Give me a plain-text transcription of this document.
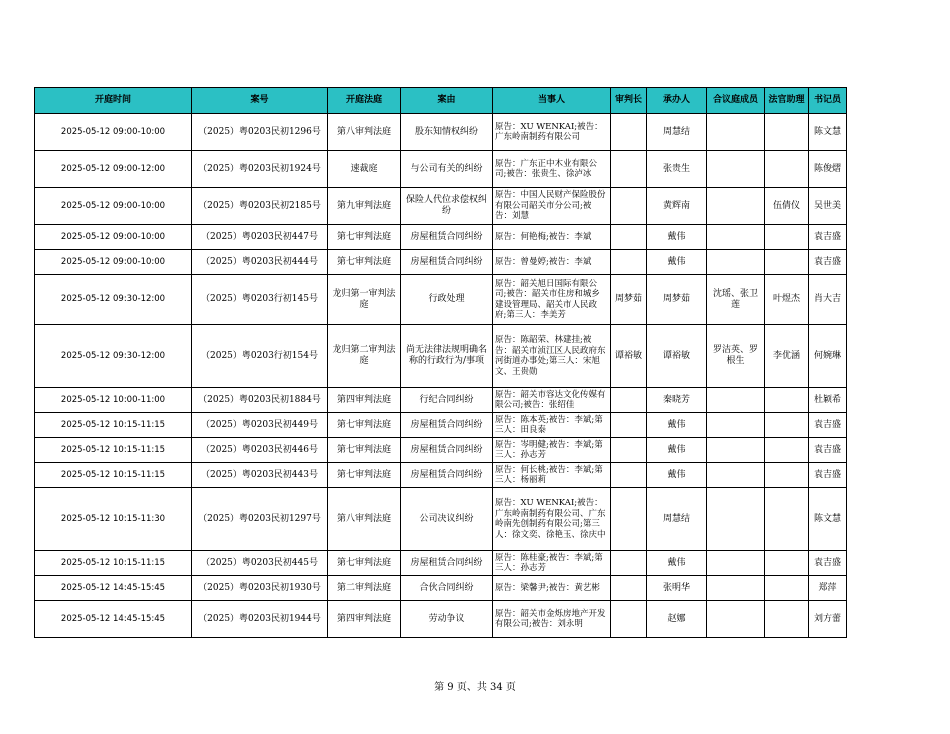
开庭时间	案号	开庭法庭	案由	当事人	审判长	承办人	合议庭成员	法官助理	书记员
2025-05-12 09:00-10:00	（2025）粤0203民初1296号	第八审判法庭	股东知情权纠纷	原告：XU WENKAI;被告：广东岭南制药有限公司		周慧结			陈文慧
2025-05-12 09:00-12:00	（2025）粤0203民初1924号	速裁庭	与公司有关的纠纷	原告：广东正中木业有限公司;被告：张贵生、徐泸冰		张贵生			陈俊熠
2025-05-12 09:00-10:00	（2025）粤0203民初2185号	第九审判法庭	保险人代位求偿权纠纷	原告：中国人民财产保险股份有限公司韶关市分公司;被告：刘慧		黄辉南		伍倩仪	吴世美
2025-05-12 09:00-10:00	（2025）粤0203民初447号	第七审判法庭	房屋租赁合同纠纷	原告：何艳梅;被告：李斌		戴伟			袁吉盛
2025-05-12 09:00-10:00	（2025）粤0203民初444号	第七审判法庭	房屋租赁合同纠纷	原告：曾曼婷;被告：李斌		戴伟			袁吉盛
2025-05-12 09:30-12:00	（2025）粤0203行初145号	龙归第一审判法庭	行政处理	原告：韶关旭日国际有限公司;被告：韶关市住房和城乡建设管理局、韶关市人民政府;第三人：李美芳	周梦茹	周梦茹	沈瑶、张卫莲	叶煜杰	肖大吉
2025-05-12 09:30-12:00	（2025）粤0203行初154号	龙归第二审判法庭	尚无法律法规明确名称的行政行为/事项	原告：陈韶荣、林建挂;被告：韶关市浈江区人民政府东河街道办事处;第三人：宋旭文、王贵勋	谭裕敏	谭裕敏	罗洁英、罗根生	李优涵	何婉琳
2025-05-12 10:00-11:00	（2025）粤0203民初1884号	第四审判法庭	行纪合同纠纷	原告：韶关市容达文化传媒有限公司;被告：张绍佳		秦晓芳			杜颖希
2025-05-12 10:15-11:15	（2025）粤0203民初449号	第七审判法庭	房屋租赁合同纠纷	原告：陈本英;被告：李斌;第三人：田良泰		戴伟			袁吉盛
2025-05-12 10:15-11:15	（2025）粤0203民初446号	第七审判法庭	房屋租赁合同纠纷	原告：岑明健;被告：李斌;第三人：孙志芳		戴伟			袁吉盛
2025-05-12 10:15-11:15	（2025）粤0203民初443号	第七审判法庭	房屋租赁合同纠纷	原告：何长桃;被告：李斌;第三人：杨丽莉		戴伟			袁吉盛
2025-05-12 10:15-11:30	（2025）粤0203民初1297号	第八审判法庭	公司决议纠纷	原告：XU WENKAI;被告：广东岭南制药有限公司、广东岭南先创制药有限公司;第三人：徐文奕、徐艳玉、徐庆中		周慧结			陈文慧
2025-05-12 10:15-11:15	（2025）粤0203民初445号	第七审判法庭	房屋租赁合同纠纷	原告：陈桂豪;被告：李斌;第三人：孙志芳		戴伟			袁吉盛
2025-05-12 14:45-15:45	（2025）粤0203民初1930号	第二审判法庭	合伙合同纠纷	原告：梁馨尹;被告：黄艺彬		张明华			郑萍
2025-05-12 14:45-15:45	（2025）粤0203民初1944号	第四审判法庭	劳动争议	原告：韶关市金烁房地产开发有限公司;被告：刘永明		赵娜			刘方蕾
第 9 页、共 34 页
